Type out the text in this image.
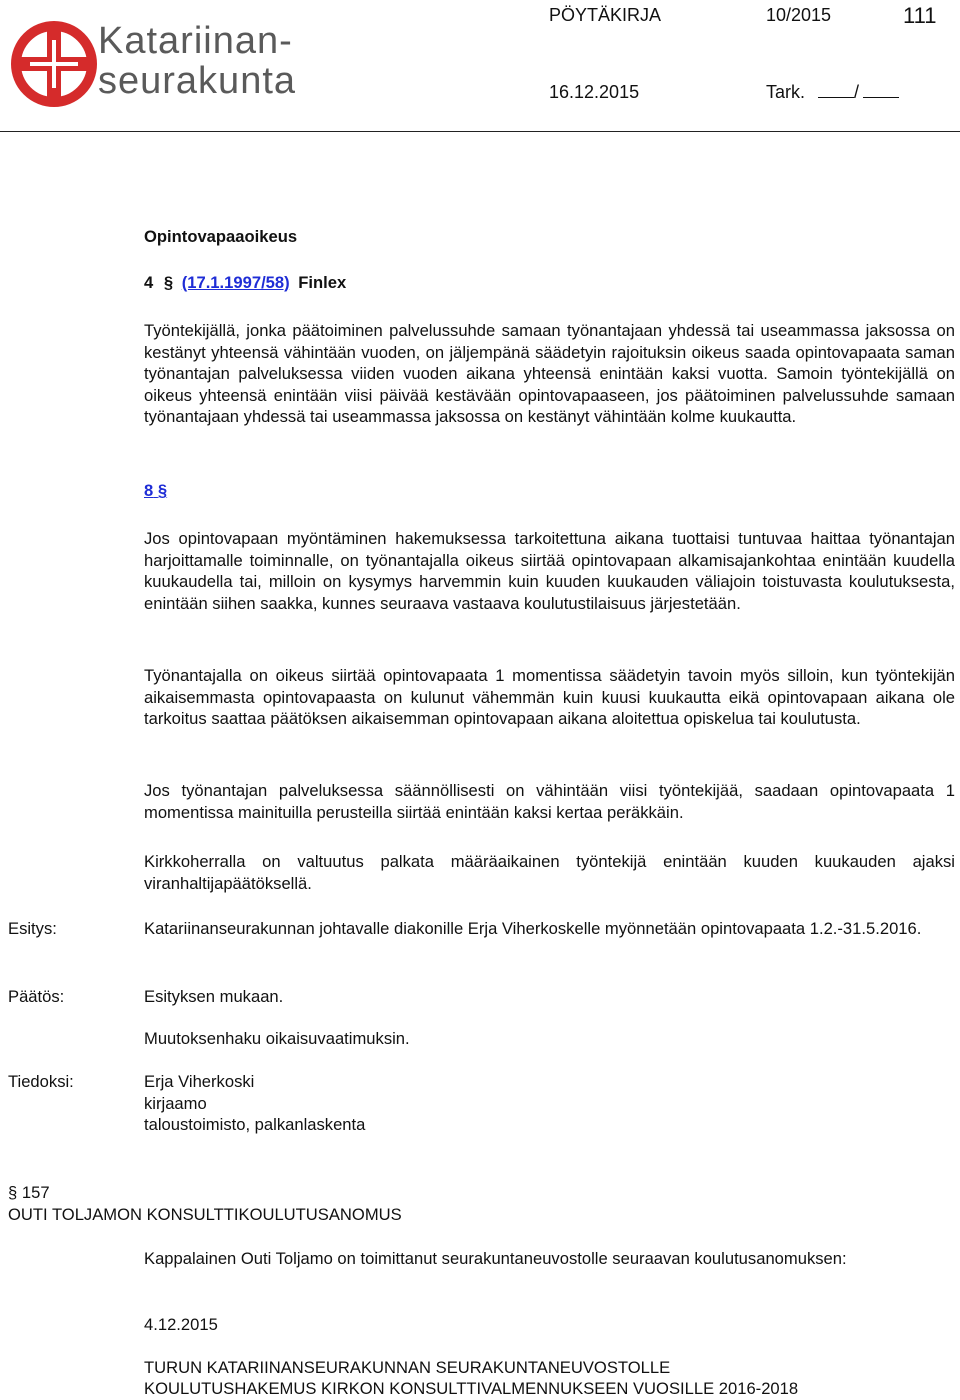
Katariinan-
seurakunta
PÖYTÄKIRJA	10/2015	111
16.12.2015	Tark.	/
Opintovapaaoikeus
4 § (17.1.1997/58) Finlex
Työntekijällä, jonka päätoiminen palvelussuhde samaan työnantajaan yhdessä tai useammassa jaksossa on kestänyt yhteensä vähintään vuoden, on jäljempänä säädetyin rajoituksin oikeus saada opintovapaata saman työnantajan palveluksessa viiden vuoden aikana yhteensä enintään kaksi vuotta. Samoin työntekijällä on oikeus yhteensä enintään viisi päivää kestävään opintovapaaseen, jos päätoiminen palvelussuhde samaan työnantajaan yhdessä tai useammassa jaksossa on kestänyt vähintään kolme kuukautta.
8 §
Jos opintovapaan myöntäminen hakemuksessa tarkoitettuna aikana tuottaisi tuntuvaa haittaa työnantajan harjoittamalle toiminnalle, on työnantajalla oikeus siirtää opintovapaan alkamisajankohtaa enintään kuudella kuukaudella tai, milloin on kysymys harvemmin kuin kuuden kuukauden väliajoin toistuvasta koulutuksesta, enintään siihen saakka, kunnes seuraava vastaava koulutustilaisuus järjestetään.
Työnantajalla on oikeus siirtää opintovapaata 1 momentissa säädetyin tavoin myös silloin, kun työntekijän aikaisemmasta opintovapaasta on kulunut vähemmän kuin kuusi kuukautta eikä opintovapaan aikana ole tarkoitus saattaa päätöksen aikaisemman opintovapaan aikana aloitettua opiskelua tai koulutusta.
Jos työnantajan palveluksessa säännöllisesti on vähintään viisi työntekijää, saadaan opintovapaata 1 momentissa mainituilla perusteilla siirtää enintään kaksi kertaa peräkkäin.
Kirkkoherralla on valtuutus palkata määräaikainen työntekijä enintään kuuden kuukauden ajaksi viranhaltijapäätöksellä.
Esitys:	Katariinanseurakunnan johtavalle diakonille Erja Viherkoskelle myönnetään opintovapaata 1.2.-31.5.2016.
Päätös:	Esityksen mukaan.
Muutoksenhaku oikaisuvaatimuksin.
Tiedoksi:	Erja Viherkoski
kirjaamo
taloustoimisto, palkanlaskenta
§ 157
OUTI TOLJAMON KONSULTTIKOULUTUSANOMUS
Kappalainen Outi Toljamo on toimittanut seurakuntaneuvostolle seuraavan koulutusanomuksen:
4.12.2015
TURUN KATARIINANSEURAKUNNAN SEURAKUNTANEUVOSTOLLE
KOULUTUSHAKEMUS KIRKON KONSULTTIVALMENNUKSEEN VUOSILLE 2016-2018
